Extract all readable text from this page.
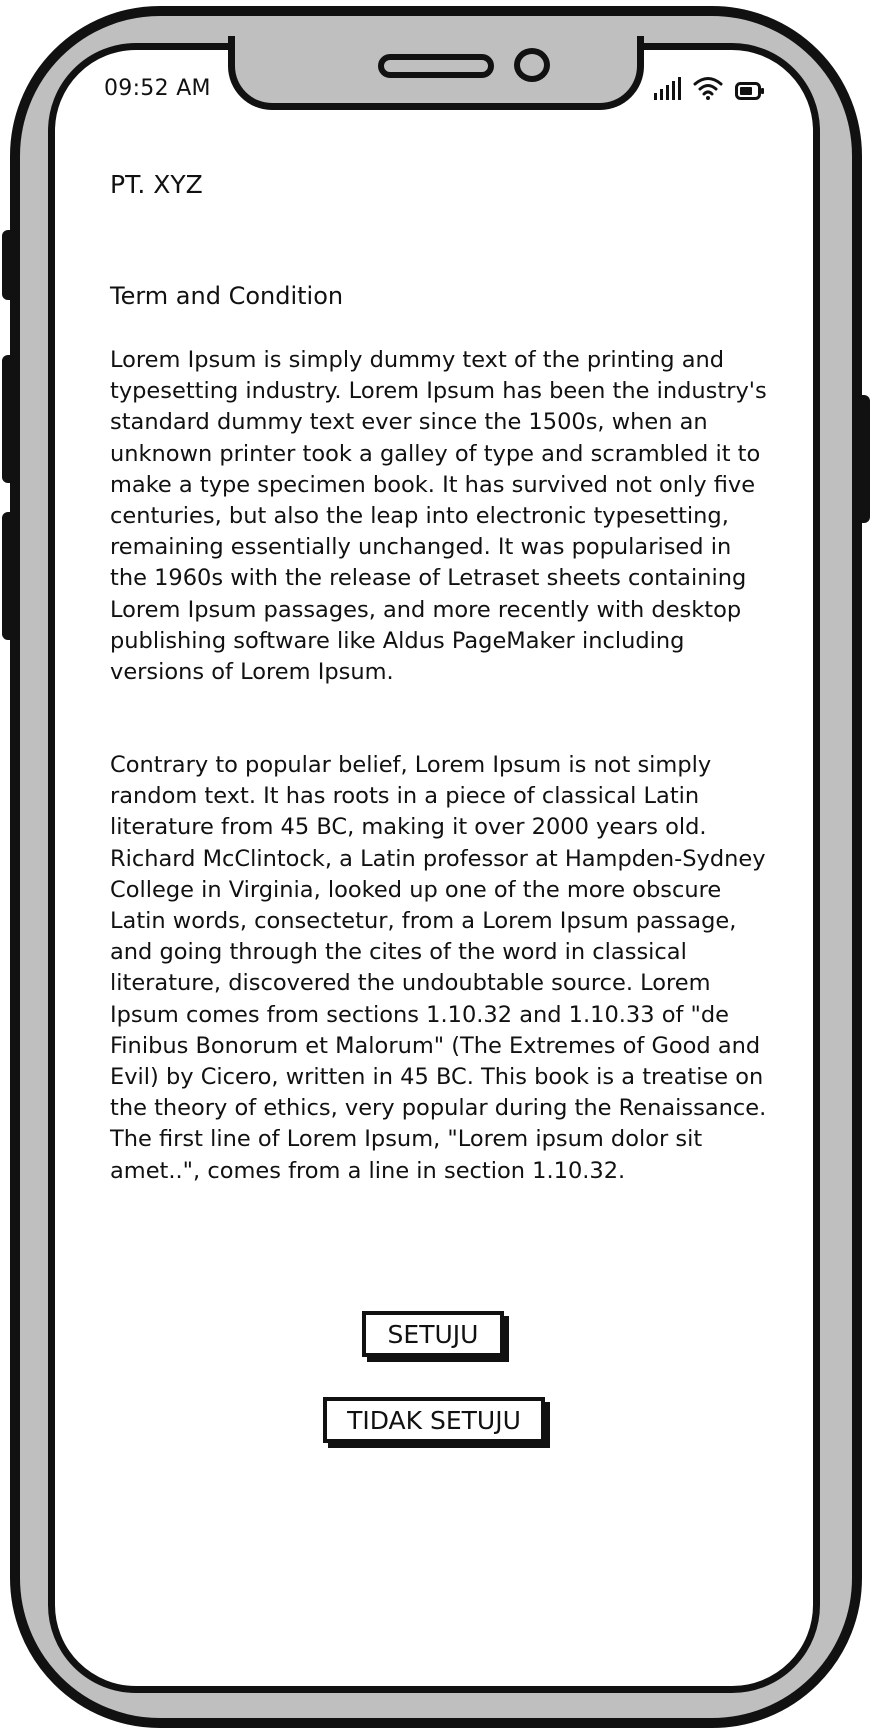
09:52 AM
PT. XYZ
Term and Condition

Lorem Ipsum is simply dummy text of the printing and typesetting industry. Lorem Ipsum has been the industry's standard dummy text ever since the 1500s, when an unknown printer took a galley of type and scrambled it to make a type specimen book. It has survived not only five centuries, but also the leap into electronic typesetting, remaining essentially unchanged. It was popularised in the 1960s with the release of Letraset sheets containing Lorem Ipsum passages, and more recently with desktop publishing software like Aldus PageMaker including versions of Lorem Ipsum.

Contrary to popular belief, Lorem Ipsum is not simply random text. It has roots in a piece of classical Latin literature from 45 BC, making it over 2000 years old. Richard McClintock, a Latin professor at Hampden-Sydney College in Virginia, looked up one of the more obscure Latin words, consectetur, from a Lorem Ipsum passage, and going through the cites of the word in classical literature, discovered the undoubtable source. Lorem Ipsum comes from sections 1.10.32 and 1.10.33 of "de Finibus Bonorum et Malorum" (The Extremes of Good and Evil) by Cicero, written in 45 BC. This book is a treatise on the theory of ethics, very popular during the Renaissance. The first line of Lorem Ipsum, "Lorem ipsum dolor sit amet..", comes from a line in section 1.10.32.

SETUJU
TIDAK SETUJU
